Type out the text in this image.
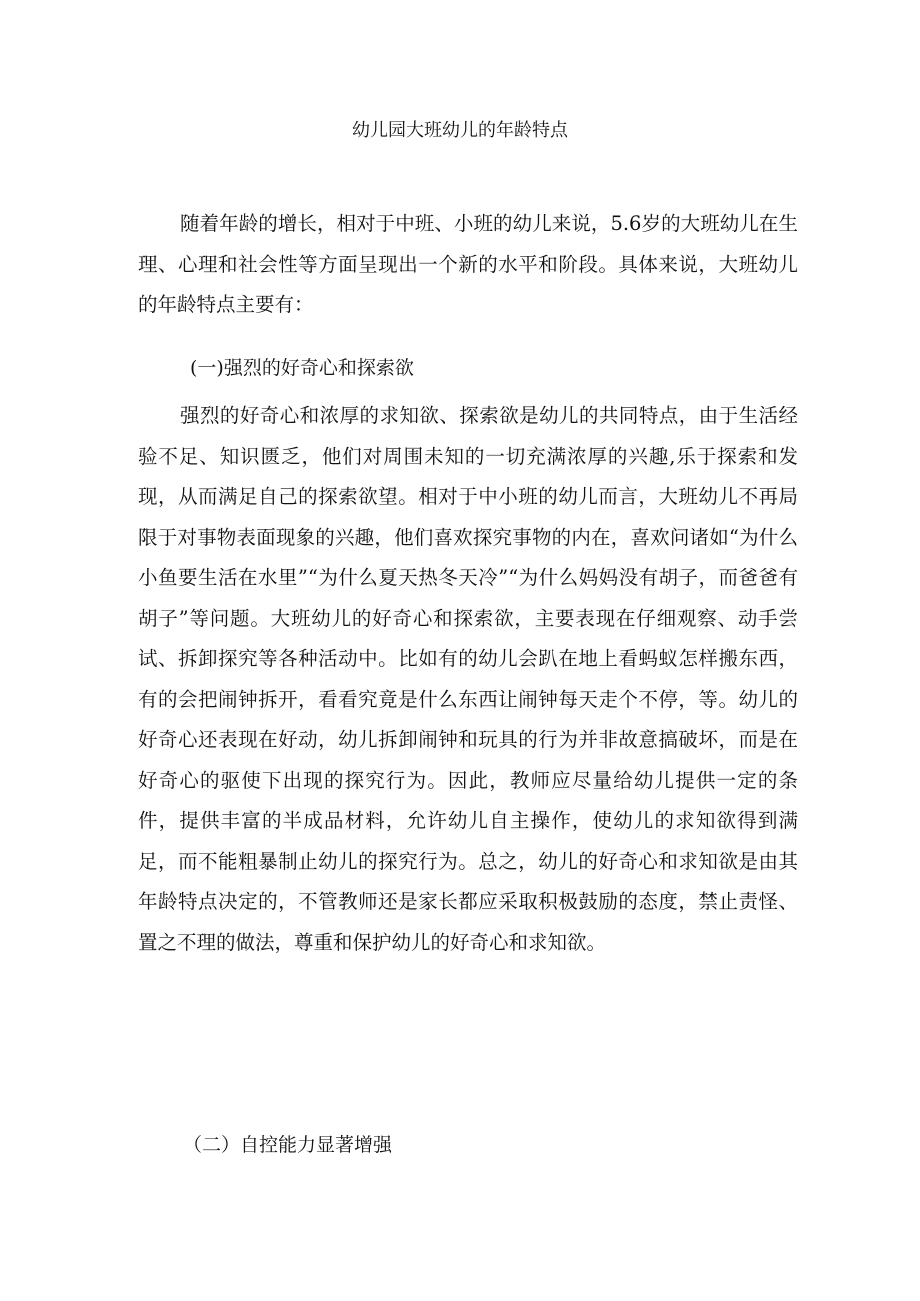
幼儿园大班幼儿的年龄特点
随着年龄的增长，相对于中班、小班的幼儿来说，5.6岁的大班幼儿在生理、心理和社会性等方面呈现出一个新的水平和阶段。具体来说，大班幼儿的年龄特点主要有：
(一)强烈的好奇心和探索欲
强烈的好奇心和浓厚的求知欲、探索欲是幼儿的共同特点，由于生活经验不足、知识匮乏，他们对周围未知的一切充满浓厚的兴趣,乐于探索和发现，从而满足自己的探索欲望。相对于中小班的幼儿而言，大班幼儿不再局限于对事物表面现象的兴趣，他们喜欢探究事物的内在，喜欢问诸如“为什么小鱼要生活在水里”“为什么夏天热冬天冷”“为什么妈妈没有胡子，而爸爸有胡子”等问题。大班幼儿的好奇心和探索欲，主要表现在仔细观察、动手尝试、拆卸探究等各种活动中。比如有的幼儿会趴在地上看蚂蚁怎样搬东西，有的会把闹钟拆开，看看究竟是什么东西让闹钟每天走个不停，等。幼儿的好奇心还表现在好动，幼儿拆卸闹钟和玩具的行为并非故意搞破坏，而是在好奇心的驱使下出现的探究行为。因此，教师应尽量给幼儿提供一定的条件，提供丰富的半成品材料，允许幼儿自主操作，使幼儿的求知欲得到满足，而不能粗暴制止幼儿的探究行为。总之，幼儿的好奇心和求知欲是由其年龄特点决定的，不管教师还是家长都应采取积极鼓励的态度，禁止责怪、置之不理的做法，尊重和保护幼儿的好奇心和求知欲。
（二）自控能力显著增强
